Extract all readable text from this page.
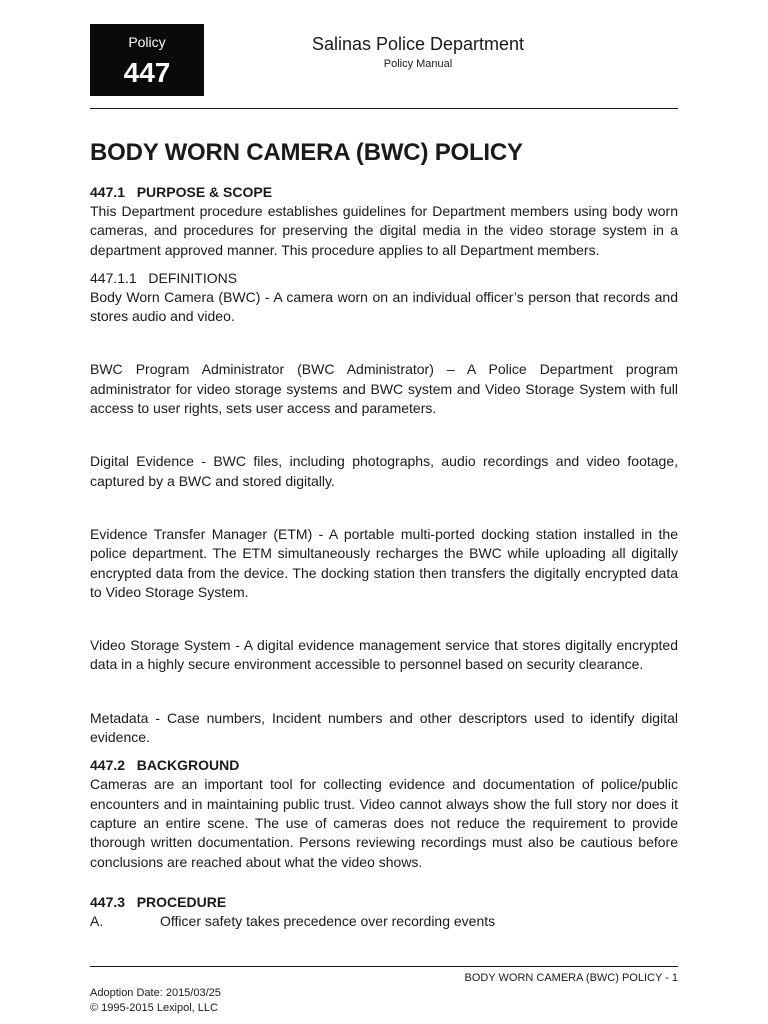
Policy
447
Salinas Police Department
Policy Manual
BODY WORN CAMERA (BWC) POLICY

447.1   PURPOSE & SCOPE

This Department procedure establishes guidelines for Department members using body worn cameras, and procedures for preserving the digital media in the video storage system in a department approved manner. This procedure applies to all Department members.

447.1.1   DEFINITIONS

Body Worn Camera (BWC) - A camera worn on an individual officer’s person that records and stores audio and video.

BWC Program Administrator (BWC Administrator) – A Police Department program administrator for video storage systems and BWC system and Video Storage System with full access to user rights, sets user access and parameters.

Digital Evidence - BWC files, including photographs, audio recordings and video footage, captured by a BWC and stored digitally.

Evidence Transfer Manager (ETM) - A portable multi-ported docking station installed in the police department. The ETM simultaneously recharges the BWC while uploading all digitally encrypted data from the device. The docking station then transfers the digitally encrypted data to Video Storage System.

Video Storage System - A digital evidence management service that stores digitally encrypted data in a highly secure environment accessible to personnel based on security clearance.

Metadata - Case numbers, Incident numbers and other descriptors used to identify digital evidence.

447.2   BACKGROUND

Cameras are an important tool for collecting evidence and documentation of police/public encounters and in maintaining public trust. Video cannot always show the full story nor does it capture an entire scene. The use of cameras does not reduce the requirement to provide thorough written documentation. Persons reviewing recordings must also be cautious before conclusions are reached about what the video shows.

447.3   PROCEDURE

A.	Officer safety takes precedence over recording events
BODY WORN CAMERA (BWC) POLICY - 1
Adoption Date: 2015/03/25
© 1995-2015 Lexipol, LLC
